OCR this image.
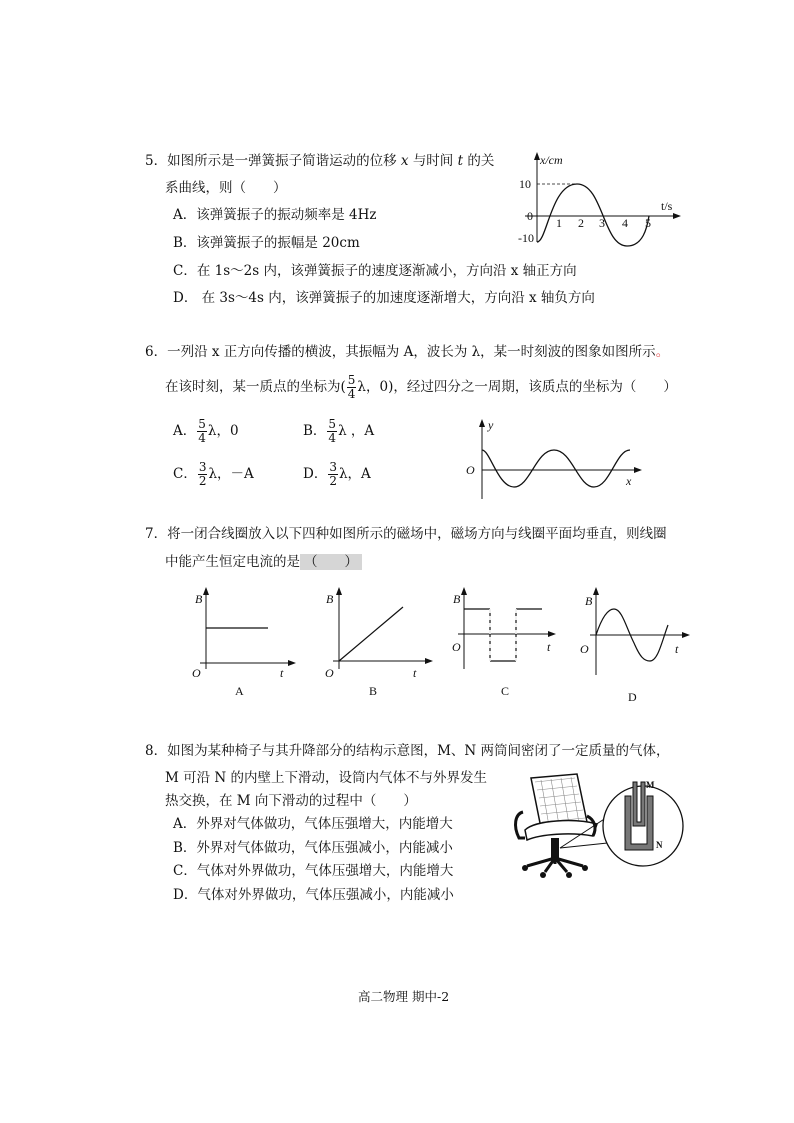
5．如图所示是一弹簧振子简谐运动的位移 x 与时间 t 的关
系曲线，则（　　）
A．该弹簧振子的振动频率是 4Hz
B．该弹簧振子的振幅是 20cm
C．在 1s～2s 内，该弹簧振子的速度逐渐减小，方向沿 x 轴正方向
D． 在 3s～4s 内，该弹簧振子的加速度逐渐增大，方向沿 x 轴负方向
x/cm
t/s
10
0
-10
1 2 3 4 5
6．一列沿 x 正方向传播的横波，其振幅为 A，波长为 λ，某一时刻波的图象如图所示。
在该时刻，某一质点的坐标为( $\frac{5}{4}$ λ，0)，经过四分之一周期，该质点的坐标为（　　）
A． $\frac{5}{4}$ λ，0	B． $\frac{5}{4}$ λ ，A
C． $\frac{3}{2}$ λ，－A	D． $\frac{3}{2}$ λ，A
y
x
O
7．将一闭合线圈放入以下四种如图所示的磁场中，磁场方向与线圈平面均垂直，则线圈
中能产生恒定电流的是 （　　）
B
O	t
A
B
O	t
B
B
O	t
C
B
O	t
D
8．如图为某种椅子与其升降部分的结构示意图，M、N 两筒间密闭了一定质量的气体，
M 可沿 N 的内壁上下滑动，设筒内气体不与外界发生
热交换，在 M 向下滑动的过程中（　　）
A．外界对气体做功，气体压强增大，内能增大
B．外界对气体做功，气体压强减小，内能减小
C．气体对外界做功，气体压强增大，内能增大
D．气体对外界做功，气体压强减小，内能减小
M
N
高二物理 期中-2
